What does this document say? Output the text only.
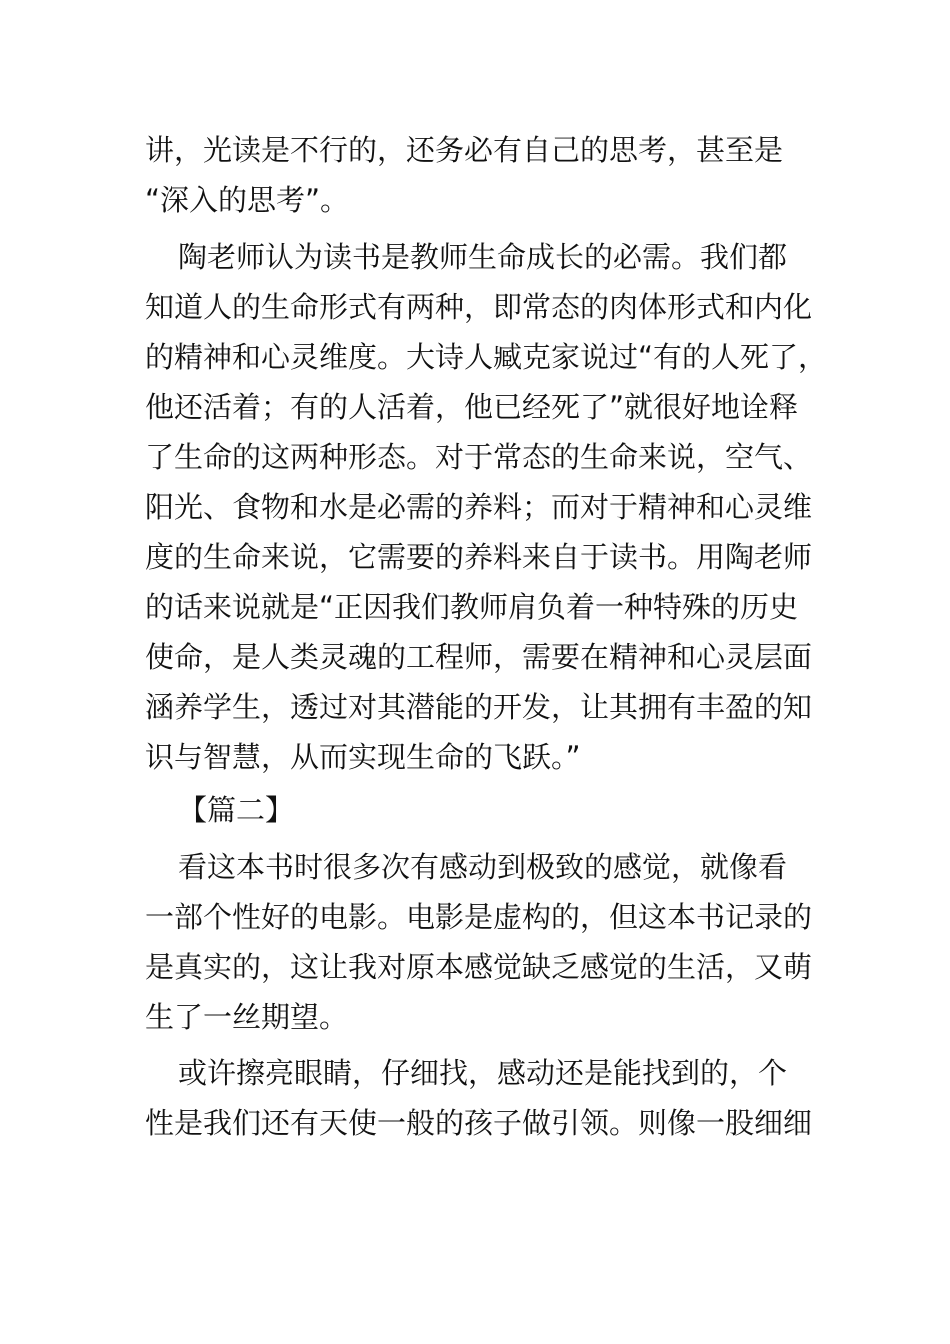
讲，光读是不行的，还务必有自己的思考，甚至是
“深入的思考”。
陶老师认为读书是教师生命成长的必需。我们都
知道人的生命形式有两种，即常态的肉体形式和内化
的精神和心灵维度。大诗人臧克家说过“有的人死了，
他还活着；有的人活着，他已经死了”就很好地诠释
了生命的这两种形态。对于常态的生命来说，空气、
阳光、食物和水是必需的养料；而对于精神和心灵维
度的生命来说，它需要的养料来自于读书。用陶老师
的话来说就是“正因我们教师肩负着一种特殊的历史
使命，是人类灵魂的工程师，需要在精神和心灵层面
涵养学生，透过对其潜能的开发，让其拥有丰盈的知
识与智慧，从而实现生命的飞跃。”
【篇二】
看这本书时很多次有感动到极致的感觉，就像看
一部个性好的电影。电影是虚构的，但这本书记录的
是真实的，这让我对原本感觉缺乏感觉的生活，又萌
生了一丝期望。
或许擦亮眼睛，仔细找，感动还是能找到的，个
性是我们还有天使一般的孩子做引领。则像一股细细
